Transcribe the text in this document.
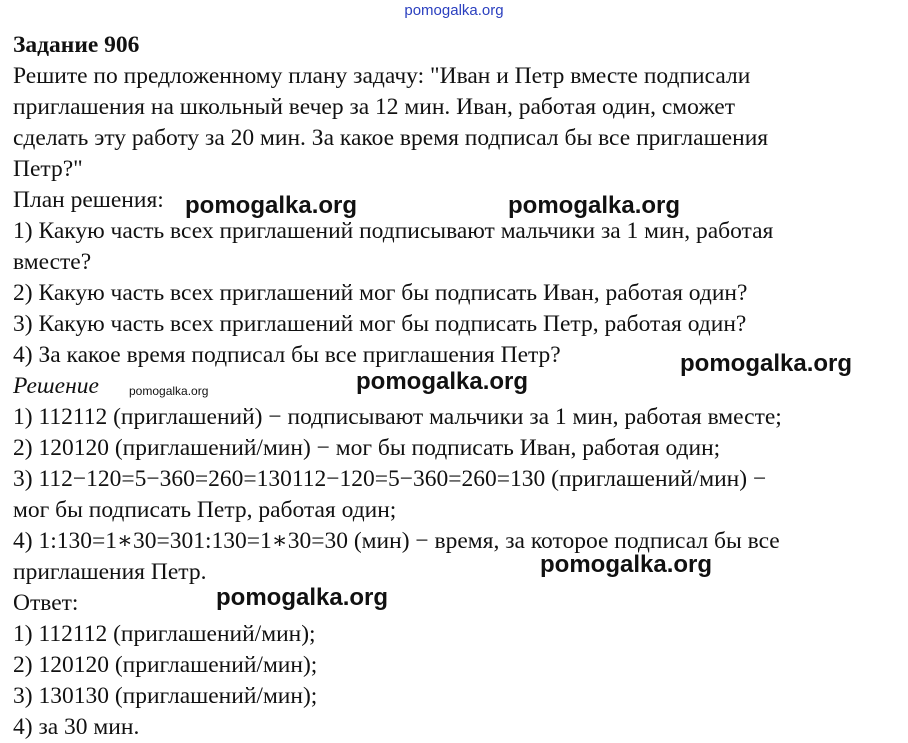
pomogalka.org

Задание 906

Решите по предложенному плану задачу: "Иван и Петр вместе подписали

приглашения на школьный вечер за 12 мин. Иван, работая один, сможет

сделать эту работу за 20 мин. За какое время подписал бы все приглашения

Петр?"

План решения:

1) Какую часть всех приглашений подписывают мальчики за 1 мин, работая

вместе?

2) Какую часть всех приглашений мог бы подписать Иван, работая один?

3) Какую часть всех приглашений мог бы подписать Петр, работая один?

4) За какое время подписал бы все приглашения Петр?

Решение

1) 112112 (приглашений) − подписывают мальчики за 1 мин, работая вместе;

2) 120120 (приглашений/мин) − мог бы подписать Иван, работая один;

3) 112−120=5−360=260=130112−120=5−360=260=130 (приглашений/мин) −

мог бы подписать Петр, работая один;

4) 1:130=1∗30=301:130=1∗30=30 (мин) − время, за которое подписал бы все

приглашения Петр.

Ответ:

1) 112112 (приглашений/мин);

2) 120120 (приглашений/мин);

3) 130130 (приглашений/мин);

4) за 30 мин.

pomogalka.org	pomogalka.org
pomogalka.org
pomogalka.org
pomogalka.org
pomogalka.org
pomogalka.org
